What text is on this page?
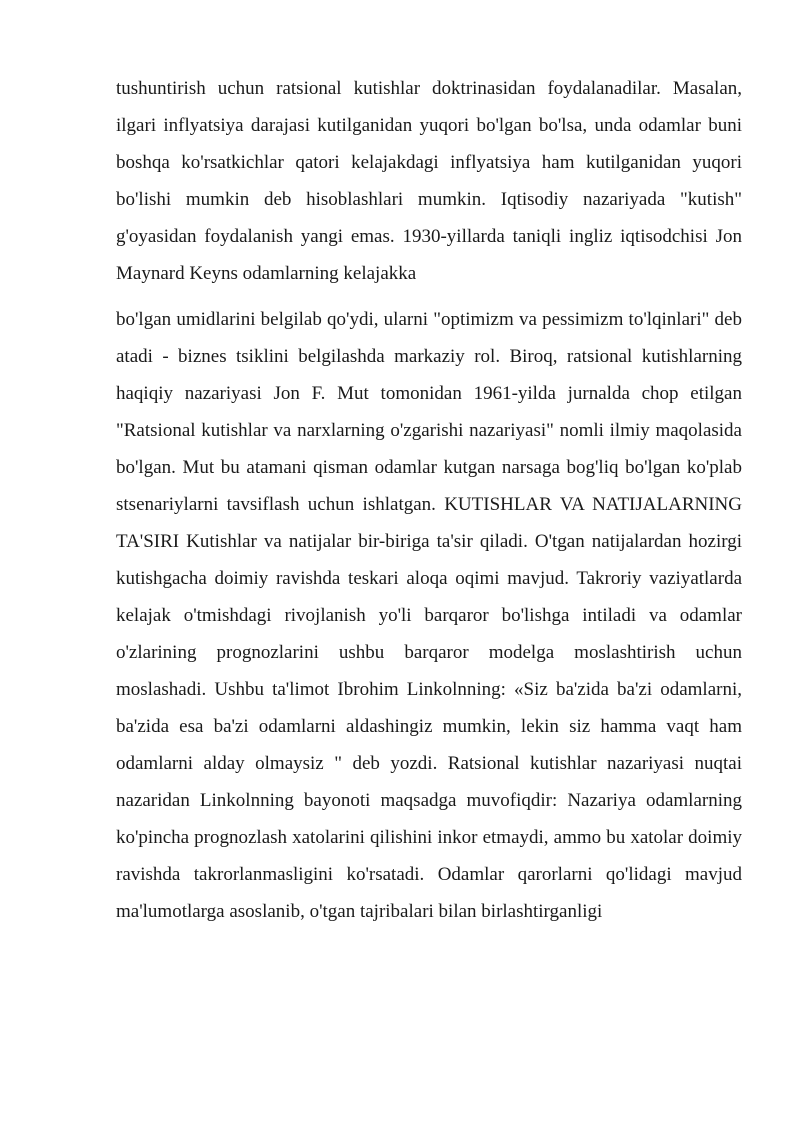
tushuntirish uchun ratsional kutishlar doktrinasidan foydalanadilar. Masalan, ilgari inflyatsiya darajasi kutilganidan yuqori bo'lgan bo'lsa, unda odamlar buni boshqa ko'rsatkichlar qatori kelajakdagi inflyatsiya ham kutilganidan yuqori bo'lishi mumkin deb hisoblashlari mumkin. Iqtisodiy nazariyada "kutish" g'oyasidan foydalanish yangi emas. 1930-yillarda taniqli ingliz iqtisodchisi Jon Maynard Keyns odamlarning kelajakka

bo'lgan umidlarini belgilab qo'ydi, ularni "optimizm va pessimizm to'lqinlari" deb atadi - biznes tsiklini belgilashda markaziy rol. Biroq, ratsional kutishlarning haqiqiy nazariyasi Jon F. Mut tomonidan 1961-yilda jurnalda chop etilgan "Ratsional kutishlar va narxlarning o'zgarishi nazariyasi" nomli ilmiy maqolasida bo'lgan. Mut bu atamani qisman odamlar kutgan narsaga bog'liq bo'lgan ko'plab stsenariylarni tavsiflash uchun ishlatgan. KUTISHLAR VA NATIJALARNING TA'SIRI Kutishlar va natijalar bir-biriga ta'sir qiladi. O'tgan natijalardan hozirgi kutishgacha doimiy ravishda teskari aloqa oqimi mavjud. Takroriy vaziyatlarda kelajak o'tmishdagi rivojlanish yo'li barqaror bo'lishga intiladi va odamlar o'zlarining prognozlarini ushbu barqaror modelga moslashtirish uchun moslashadi. Ushbu ta'limot Ibrohim Linkolnning: «Siz ba'zida ba'zi odamlarni, ba'zida esa ba'zi odamlarni aldashingiz mumkin, lekin siz hamma vaqt ham odamlarni alday olmaysiz " deb yozdi. Ratsional kutishlar nazariyasi nuqtai nazaridan Linkolnning bayonoti maqsadga muvofiqdir: Nazariya odamlarning ko'pincha prognozlash xatolarini qilishini inkor etmaydi, ammo bu xatolar doimiy ravishda takrorlanmasligini ko'rsatadi. Odamlar qarorlarni qo'lidagi mavjud ma'lumotlarga asoslanib, o'tgan tajribalari bilan birlashtirganligi
